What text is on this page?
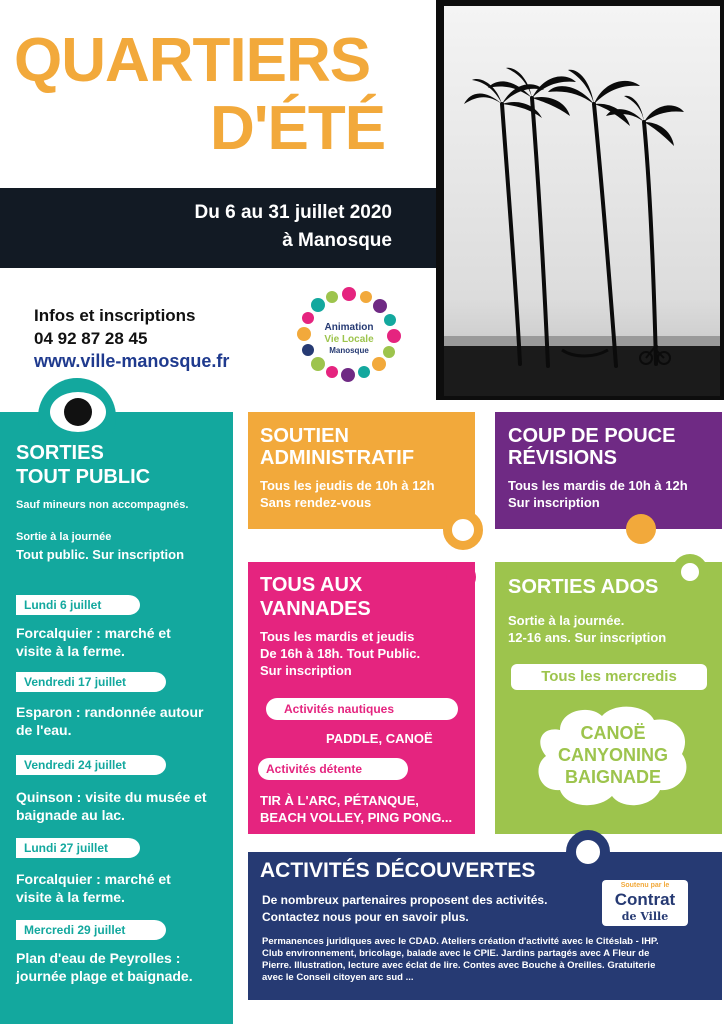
QUARTIERS
D'ÉTÉ
Du 6 au 31 juillet 2020
à Manosque
Infos et inscriptions
04 92 87 28 45
www.ville-manosque.fr
Animation
Vie Locale
Manosque
SORTIES
TOUT PUBLIC
Sauf mineurs non accompagnés.
Sortie à la journée
Tout public. Sur inscription
Lundi 6 juillet
Forcalquier : marché et
visite à la ferme.
Vendredi 17 juillet
Esparon : randonnée autour
de l'eau.
Vendredi 24 juillet
Quinson : visite du musée et
baignade au lac.
Lundi 27 juillet
Forcalquier : marché et
visite à la ferme.
Mercredi 29 juillet
Plan d'eau de Peyrolles :
journée plage et baignade.
SOUTIEN
ADMINISTRATIF
Tous les jeudis de 10h à 12h
Sans rendez-vous
COUP DE POUCE
RÉVISIONS
Tous les mardis de 10h à 12h
Sur inscription
TOUS AUX
VANNADES
Tous les mardis et jeudis
De 16h à 18h. Tout Public.
Sur inscription
Activités nautiques
PADDLE, CANOË
Activités détente
TIR À L'ARC, PÉTANQUE,
BEACH VOLLEY, PING PONG...
SORTIES ADOS
Sortie à la journée.
12-16 ans. Sur inscription
Tous les mercredis
CANOË
CANYONING
BAIGNADE
ACTIVITÉS DÉCOUVERTES
De nombreux partenaires proposent des activités.
Contactez nous pour en savoir plus.
Permanences juridiques avec le CDAD. Ateliers création d'activité avec le Citéslab - IHP.
Club environnement, bricolage, balade avec le CPIE. Jardins partagés avec A Fleur de
Pierre. Illustration, lecture avec éclat de lire. Contes avec Bouche à Oreilles. Gratuiterie
avec le Conseil citoyen arc sud ...
Soutenu par le
Contrat
de Ville
